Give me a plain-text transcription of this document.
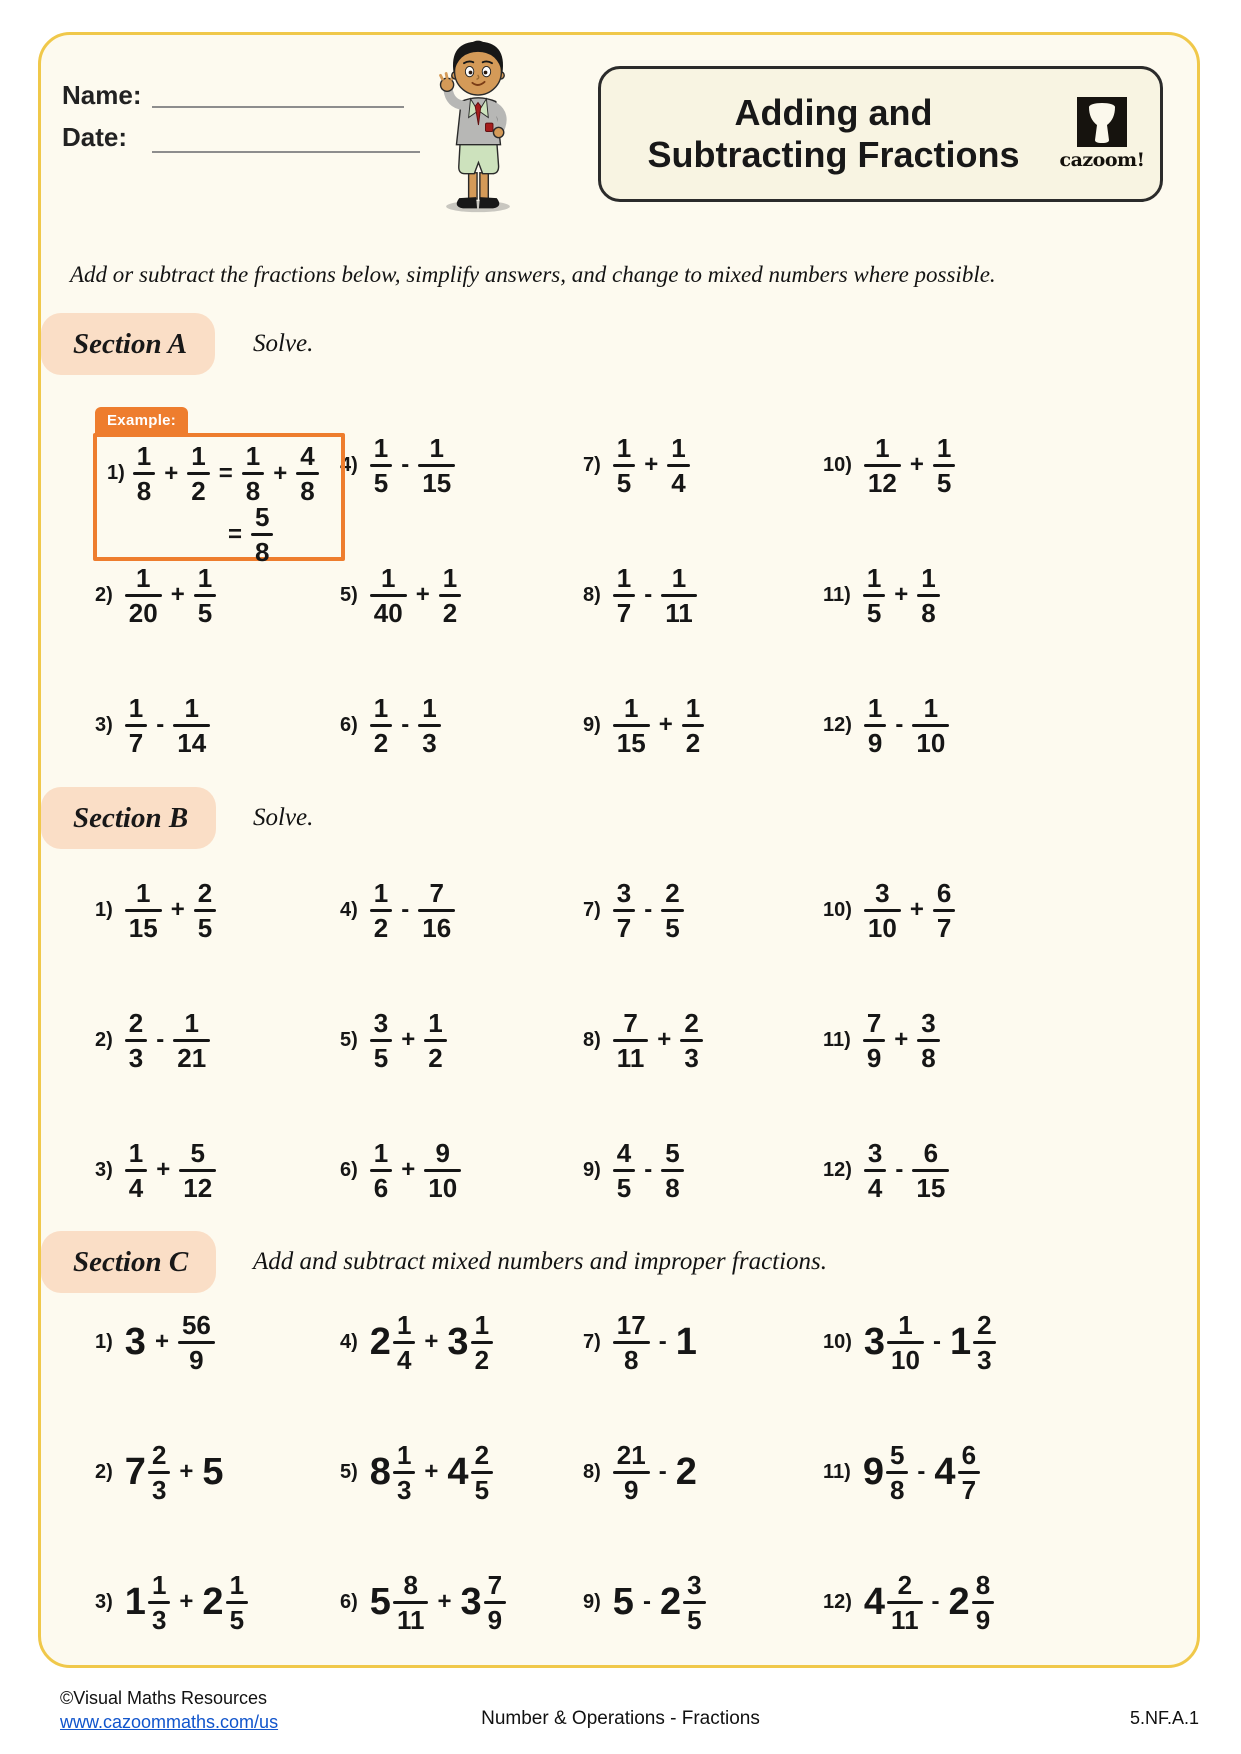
Name:
Date:
Adding and
Subtracting Fractions	cazoom!
Add or subtract the fractions below, simplify answers, and change to mixed numbers where possible.
Section A	Solve.
Example:
$1) \frac{1}{8} + \frac{1}{2} = \frac{1}{8} + \frac{4}{8}$
= $\frac{5}{8}$
$4) \frac{1}{5} - \frac{1}{15}$	$7) \frac{1}{5} + \frac{1}{4}$	$10) \frac{1}{12} + \frac{1}{5}$
$2) \frac{1}{20} + \frac{1}{5}$	$5) \frac{1}{40} + \frac{1}{2}$	$8) \frac{1}{7} - \frac{1}{11}$	$11) \frac{1}{5} + \frac{1}{8}$
$3) \frac{1}{7} - \frac{1}{14}$	$6) \frac{1}{2} - \frac{1}{3}$	$9) \frac{1}{15} + \frac{1}{2}$	$12) \frac{1}{9} - \frac{1}{10}$
Section B	Solve.
$1) \frac{1}{15} + \frac{2}{5}$	$4) \frac{1}{2} - \frac{7}{16}$	$7) \frac{3}{7} - \frac{2}{5}$	$10) \frac{3}{10} + \frac{6}{7}$
$2) \frac{2}{3} - \frac{1}{21}$	$5) \frac{3}{5} + \frac{1}{2}$	$8) \frac{7}{11} + \frac{2}{3}$	$11) \frac{7}{9} + \frac{3}{8}$
$3) \frac{1}{4} + \frac{5}{12}$	$6) \frac{1}{6} + \frac{9}{10}$	$9) \frac{4}{5} - \frac{5}{8}$	$12) \frac{3}{4} - \frac{6}{15}$
Section C	Add and subtract mixed numbers and improper fractions.
1) $3 + \frac{56}{9}$	4) $2 \frac{1}{4} + 3 \frac{1}{2}$	$7) \frac{17}{8} - 1$	10) $3 \frac{1}{10} - 1 \frac{2}{3}$
2) $7 \frac{2}{3} + 5$	5) $8 \frac{1}{3} + 4 \frac{2}{5}$	$8) \frac{21}{9} - 2$	11) $9 \frac{5}{8} - 4 \frac{6}{7}$
3) $1 \frac{1}{3} + 2 \frac{1}{5}$	6) $5 \frac{8}{11} + 3 \frac{7}{9}$	9) $5 - 2 \frac{3}{5}$	12) $4 \frac{2}{11} - 2 \frac{8}{9}$
©Visual Maths Resources
www.cazoommaths.com/us	Number & Operations - Fractions	5.NF.A.1
